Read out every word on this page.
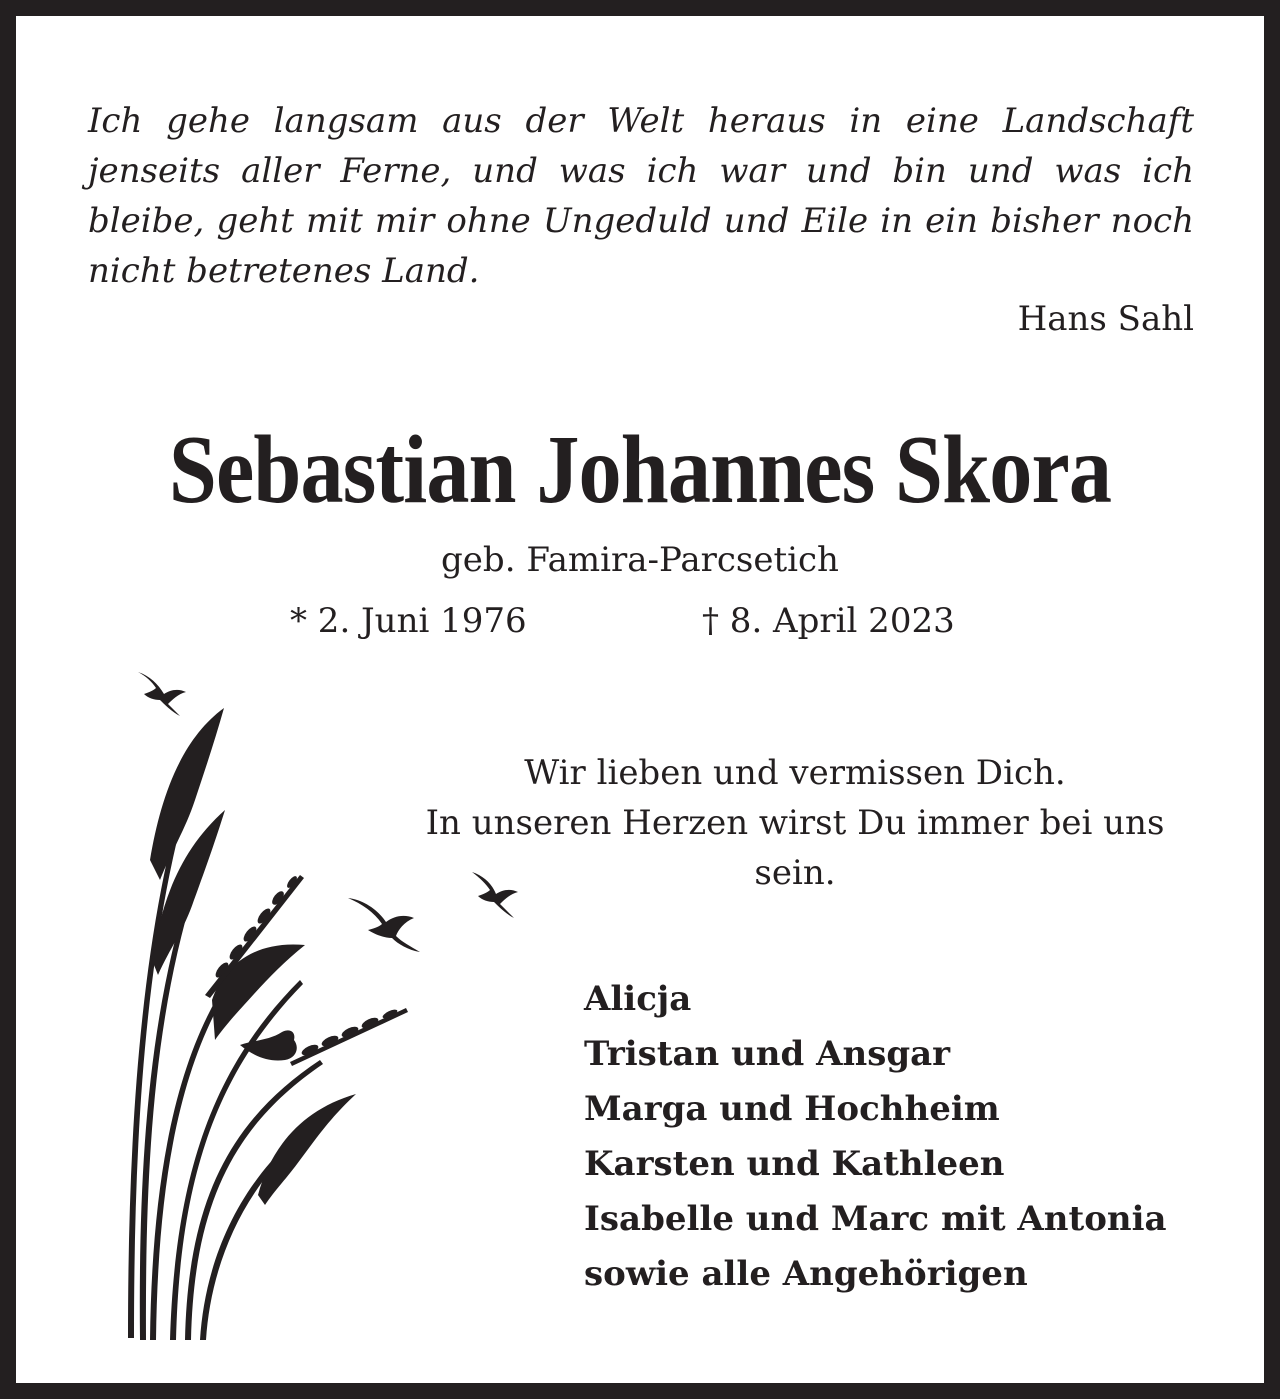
Ich gehe langsam aus der Welt heraus in eine Landschaft jenseits aller Ferne, und was ich war und bin und was ich bleibe, geht mit mir ohne Ungeduld und Eile in ein bisher noch nicht betretenes Land.

Hans Sahl
Sebastian Johannes Skora
geb. Famira-Parcsetich
* 2. Juni 1976	† 8. April 2023
Wir lieben und vermissen Dich.
In unseren Herzen wirst Du immer bei uns sein.
Alicja
Tristan und Ansgar
Marga und Hochheim
Karsten und Kathleen
Isabelle und Marc mit Antonia
sowie alle Angehörigen
